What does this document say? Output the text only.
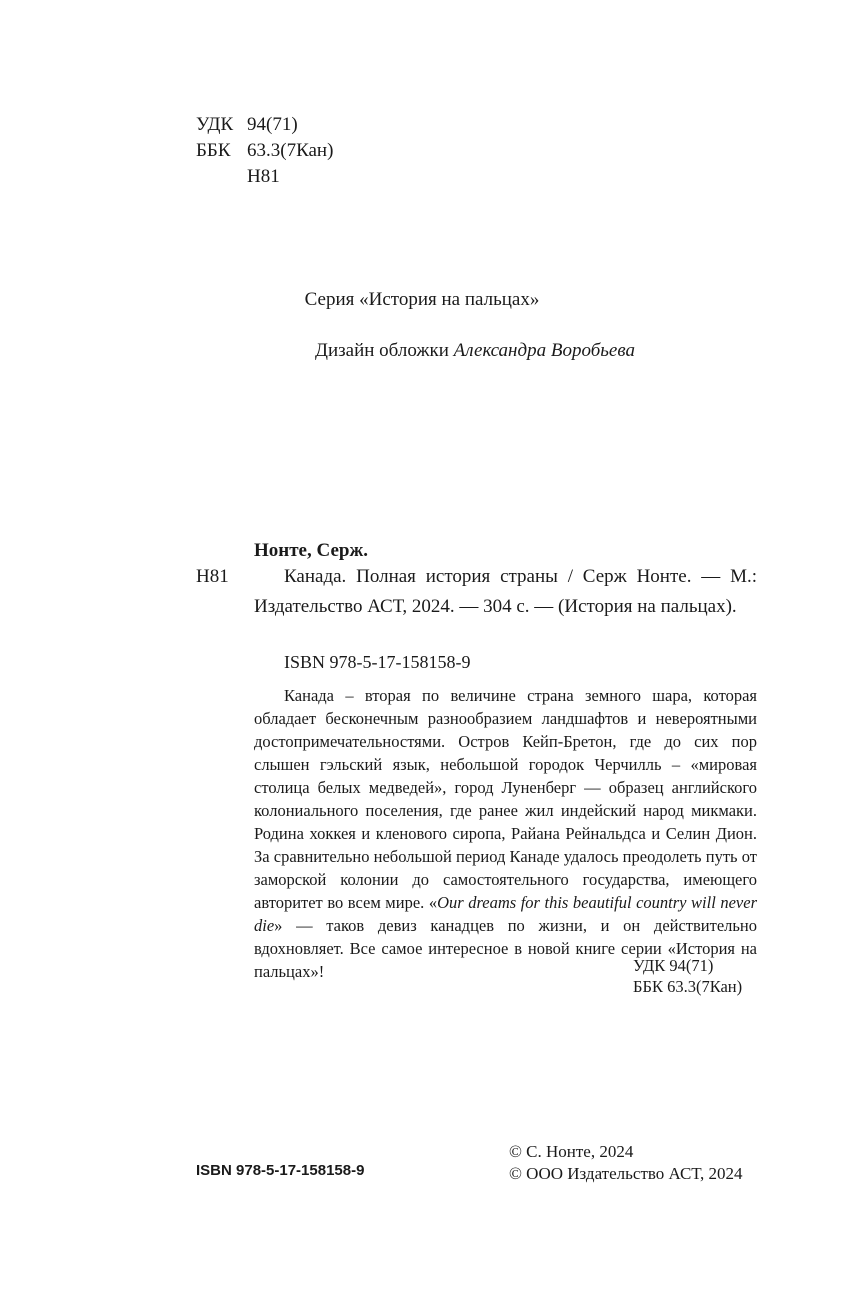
УДК 94(71)
ББК 63.3(7Кан)
Н81
Серия «История на пальцах»
Дизайн обложки Александра Воробьева
Нонте, Серж.
Н81	Канада. Полная история страны / Серж Нонте. — М.: Издательство АСТ, 2024. — 304 с. — (История на пальцах).
ISBN 978-5-17-158158-9
Канада – вторая по величине страна земного шара, которая обладает бесконечным разнообразием ландшафтов и невероятными достопримечательностями. Остров Кейп-Бретон, где до сих пор слышен гэльский язык, небольшой городок Черчилль – «мировая столица белых медведей», город Луненберг — образец английского колониального поселения, где ранее жил индейский народ микмаки. Родина хоккея и кленового сиропа, Райана Рейнальдса и Селин Дион. За сравнительно небольшой период Канаде удалось преодолеть путь от заморской колонии до самостоятельного государства, имеющего авторитет во всем мире. «Our dreams for this beautiful country will never die» — таков девиз канадцев по жизни, и он действительно вдохновляет. Все самое интересное в новой книге серии «История на пальцах»!	УДК 94(71)
ББК 63.3(7Кан)
ISBN 978-5-17-158158-9
© С. Нонте, 2024
© ООО Издательство АСТ, 2024
